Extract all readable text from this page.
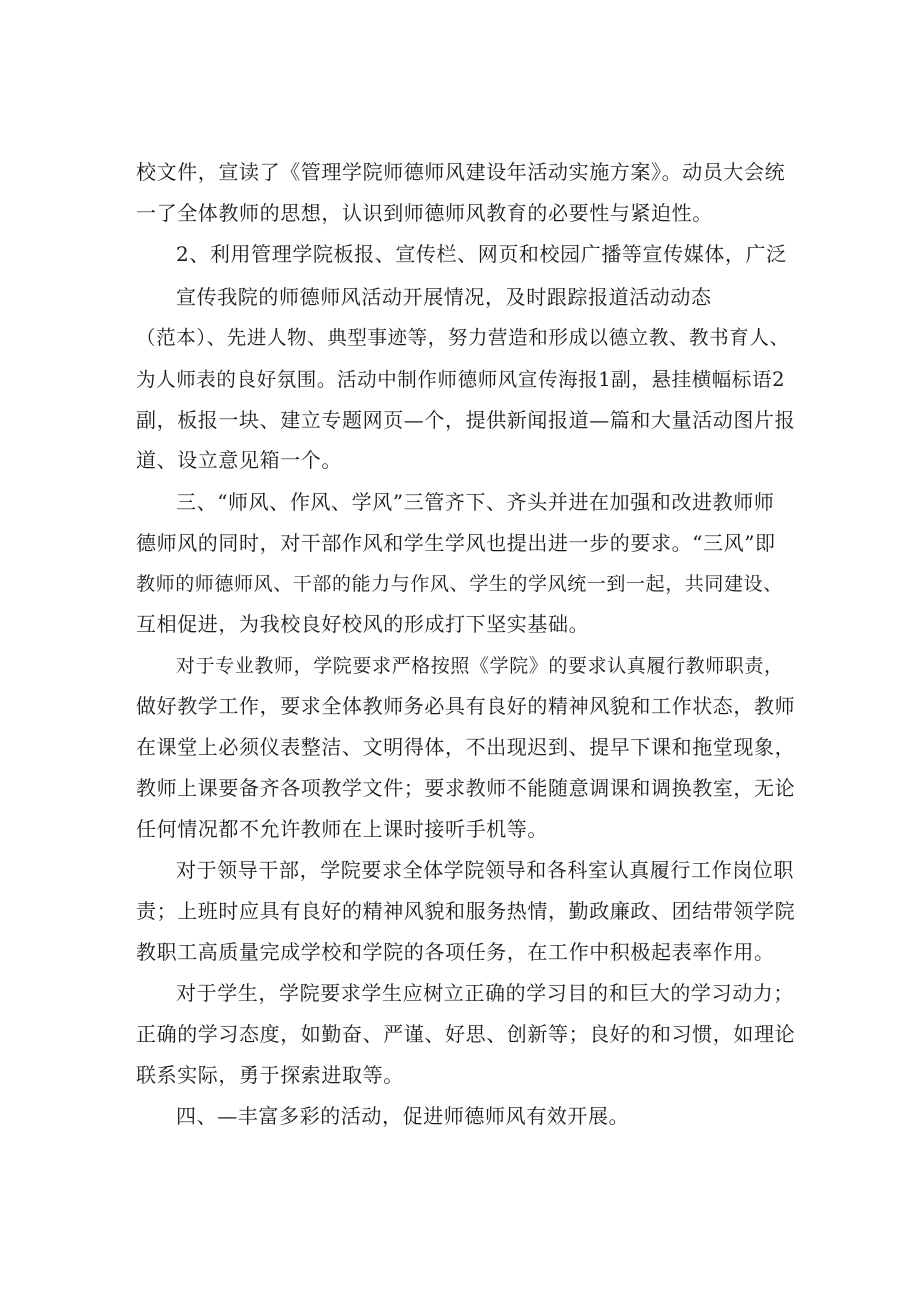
校文件，宣读了《管理学院师德师风建设年活动实施方案》。动员大会统
一了全体教师的思想，认识到师德师风教育的必要性与紧迫性。
2、利用管理学院板报、宣传栏、网页和校园广播等宣传媒体，广泛
宣传我院的师德师风活动开展情况，及时跟踪报道活动动态
（范本）、先进人物、典型事迹等，努力营造和形成以德立教、教书育人、
为人师表的良好氛围。活动中制作师德师风宣传海报1副，悬挂横幅标语2
副，板报一块、建立专题网页—个，提供新闻报道—篇和大量活动图片报
道、设立意见箱一个。
三、“师风、作风、学风”三管齐下、齐头并进在加强和改进教师师
德师风的同时，对干部作风和学生学风也提出进一步的要求。“三风”即
教师的师德师风、干部的能力与作风、学生的学风统一到一起，共同建设、
互相促进，为我校良好校风的形成打下坚实基础。
对于专业教师，学院要求严格按照《学院》的要求认真履行教师职责，
做好教学工作，要求全体教师务必具有良好的精神风貌和工作状态，教师
在课堂上必须仪表整洁、文明得体，不出现迟到、提早下课和拖堂现象，
教师上课要备齐各项教学文件；要求教师不能随意调课和调换教室，无论
任何情况都不允许教师在上课时接听手机等。
对于领导干部，学院要求全体学院领导和各科室认真履行工作岗位职
责；上班时应具有良好的精神风貌和服务热情，勤政廉政、团结带领学院
教职工高质量完成学校和学院的各项任务，在工作中积极起表率作用。
对于学生，学院要求学生应树立正确的学习目的和巨大的学习动力；
正确的学习态度，如勤奋、严谨、好思、创新等；良好的和习惯，如理论
联系实际，勇于探索进取等。
四、—丰富多彩的活动，促进师德师风有效开展。
